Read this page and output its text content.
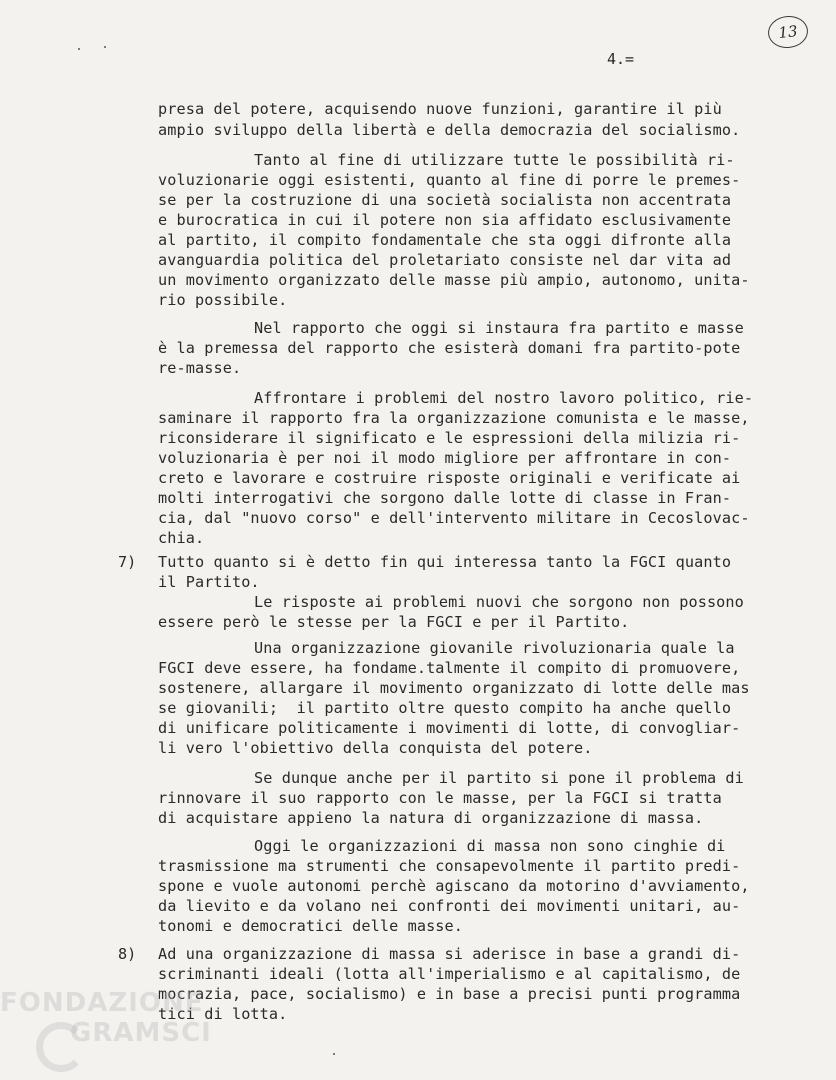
13
4.=
presa del potere, acquisendo nuove funzioni, garantire il più
ampio sviluppo della libertà e della democrazia del socialismo.
Tanto al fine di utilizzare tutte le possibilità ri-
voluzionarie oggi esistenti, quanto al fine di porre le premes-
se per la costruzione di una società socialista non accentrata
e burocratica in cui il potere non sia affidato esclusivamente
al partito, il compito fondamentale che sta oggi difronte alla
avanguardia politica del proletariato consiste nel dar vita ad
un movimento organizzato delle masse più ampio, autonomo, unita-
rio possibile.
Nel rapporto che oggi si instaura fra partito e masse
è la premessa del rapporto che esisterà domani fra partito-pote
re-masse.
Affrontare i problemi del nostro lavoro politico, rie-
saminare il rapporto fra la organizzazione comunista e le masse,
riconsiderare il significato e le espressioni della milizia ri-
voluzionaria è per noi il modo migliore per affrontare in con-
creto e lavorare e costruire risposte originali e verificate ai
molti interrogativi che sorgono dalle lotte di classe in Fran-
cia, dal "nuovo corso" e dell'intervento militare in Cecoslovac-
chia.
7) Tutto quanto si è detto fin qui interessa tanto la FGCI quanto
il Partito.
Le risposte ai problemi nuovi che sorgono non possono
essere però le stesse per la FGCI e per il Partito.
Una organizzazione giovanile rivoluzionaria quale la
FGCI deve essere, ha fondame.talmente il compito di promuovere,
sostenere, allargare il movimento organizzato di lotte delle mas
se giovanili;  il partito oltre questo compito ha anche quello
di unificare politicamente i movimenti di lotte, di convogliar-
li vero l'obiettivo della conquista del potere.
Se dunque anche per il partito si pone il problema di
rinnovare il suo rapporto con le masse, per la FGCI si tratta
di acquistare appieno la natura di organizzazione di massa.
Oggi le organizzazioni di massa non sono cinghie di
trasmissione ma strumenti che consapevolmente il partito predi-
spone e vuole autonomi perchè agiscano da motorino d'avviamento,
da lievito e da volano nei confronti dei movimenti unitari, au-
tonomi e democratici delle masse.
8) Ad una organizzazione di massa si aderisce in base a grandi di-
scriminanti ideali (lotta all'imperialismo e al capitalismo, de
mocrazia, pace, socialismo) e in base a precisi punti programma
tici di lotta.
FONDAZIONE
GRAMSCI
